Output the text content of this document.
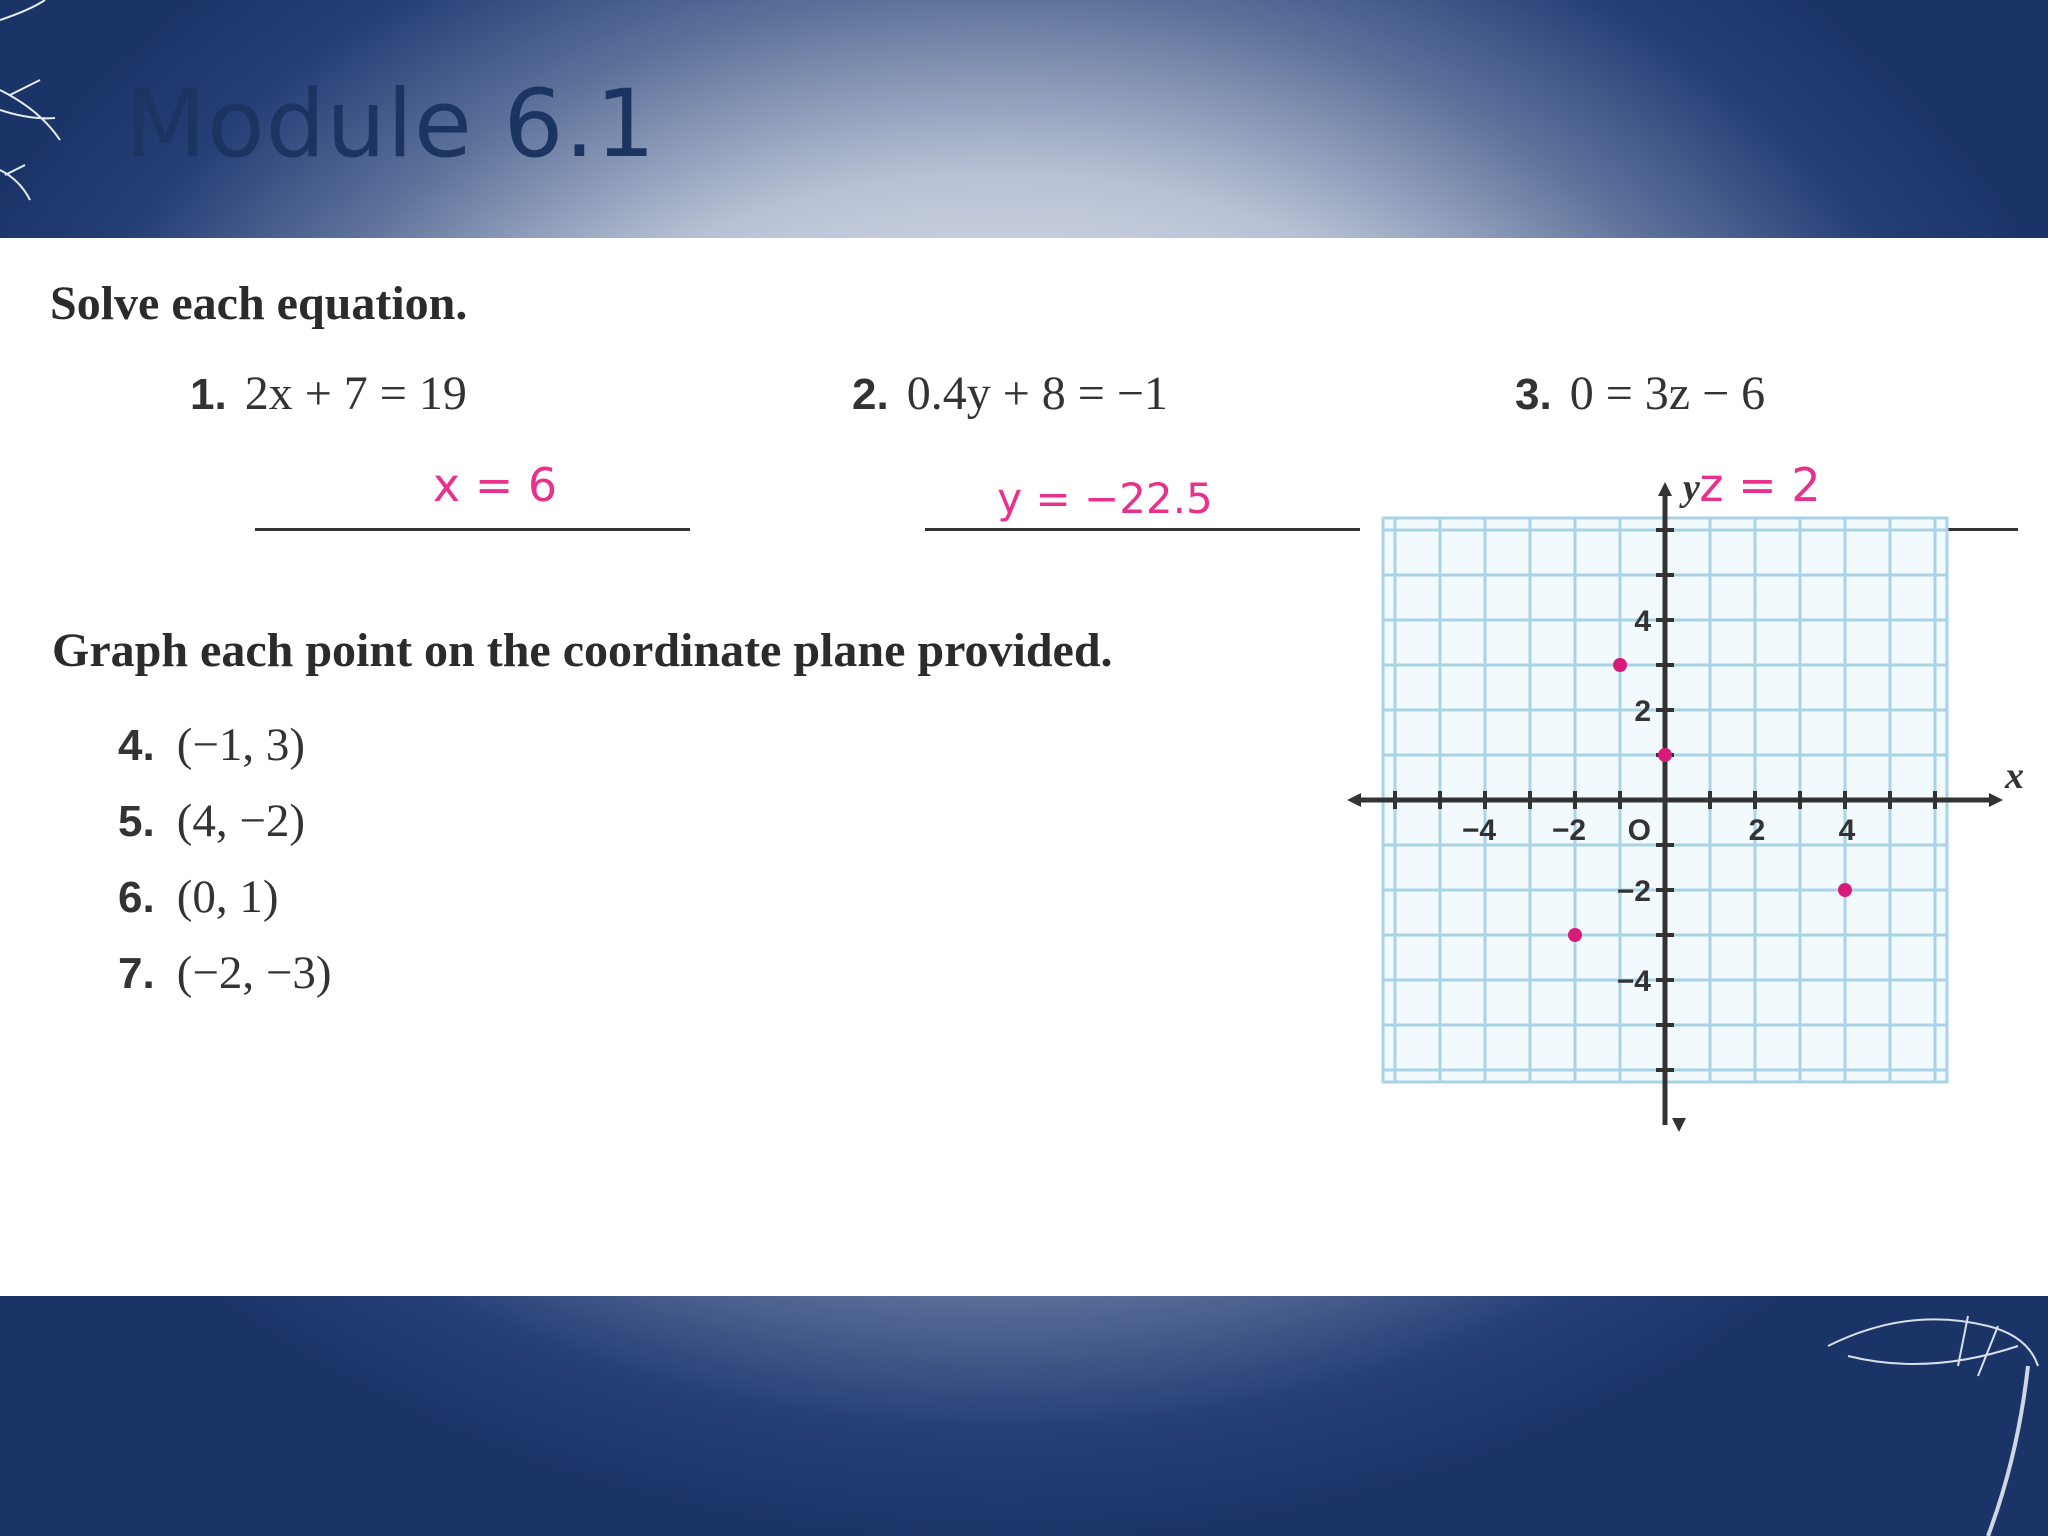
Module 6.1
Solve each equation.
1. 2x + 7 = 19
x = 6
2. 0.4y + 8 = −1
y = −22.5
3. 0 = 3z − 6
z = 2
Graph each point on the coordinate plane provided.
4. (−1, 3)
5. (4, −2)
6. (0, 1)
7. (−2, −3)
−4 −2	2 4
4
2
−2
−4
O
x
y
